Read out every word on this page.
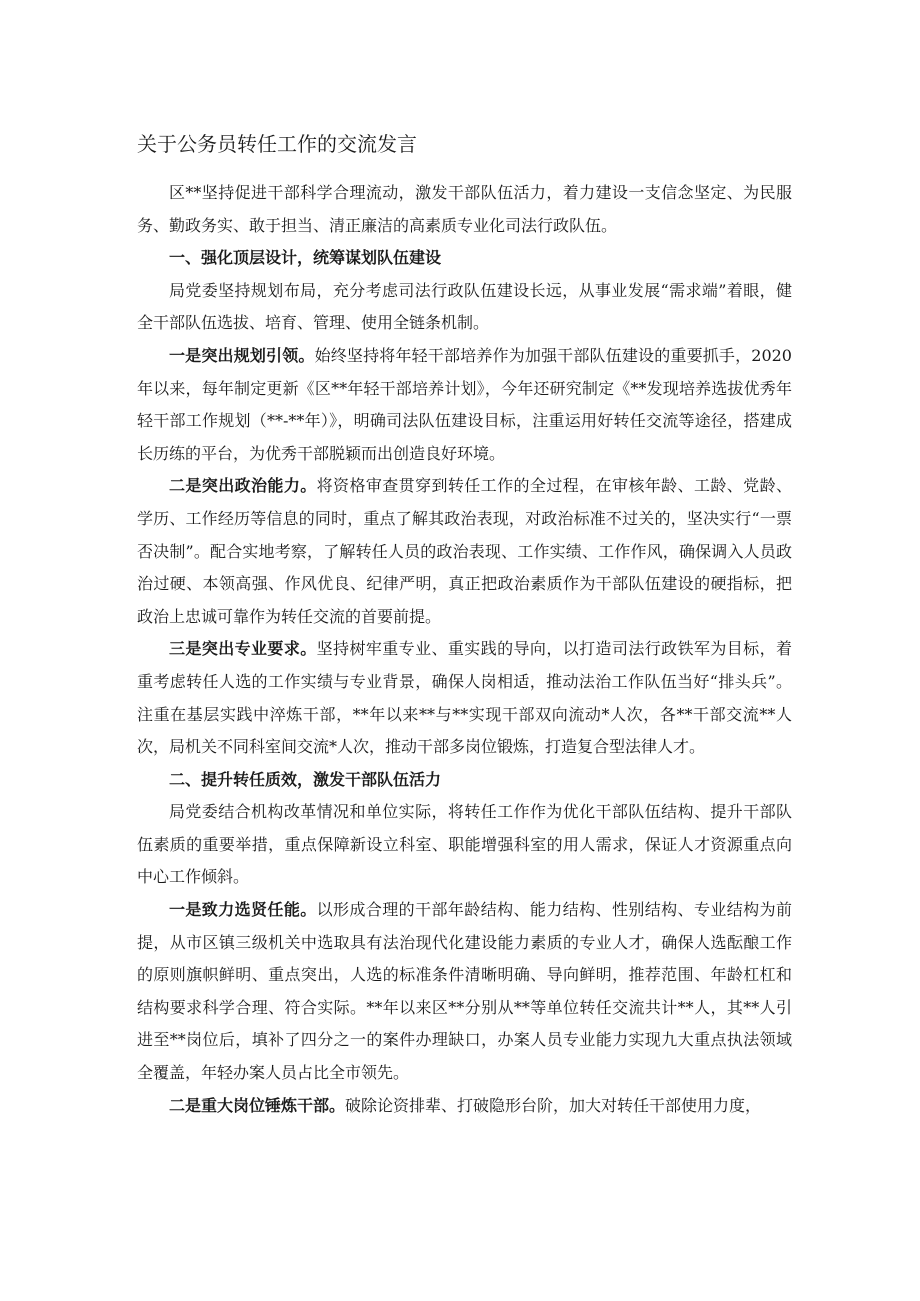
关于公务员转任工作的交流发言

区**坚持促进干部科学合理流动，激发干部队伍活力，着力建设一支信念坚定、为民服务、勤政务实、敢于担当、清正廉洁的高素质专业化司法行政队伍。

一、强化顶层设计，统筹谋划队伍建设

局党委坚持规划布局，充分考虑司法行政队伍建设长远，从事业发展“需求端”着眼，健全干部队伍选拔、培育、管理、使用全链条机制。

一是突出规划引领。始终坚持将年轻干部培养作为加强干部队伍建设的重要抓手，2020年以来，每年制定更新《区**年轻干部培养计划》，今年还研究制定《**发现培养选拔优秀年轻干部工作规划（**-**年）》，明确司法队伍建设目标，注重运用好转任交流等途径，搭建成长历练的平台，为优秀干部脱颖而出创造良好环境。

二是突出政治能力。将资格审查贯穿到转任工作的全过程，在审核年龄、工龄、党龄、学历、工作经历等信息的同时，重点了解其政治表现，对政治标准不过关的，坚决实行“一票否决制”。配合实地考察，了解转任人员的政治表现、工作实绩、工作作风，确保调入人员政治过硬、本领高强、作风优良、纪律严明，真正把政治素质作为干部队伍建设的硬指标，把政治上忠诚可靠作为转任交流的首要前提。

三是突出专业要求。坚持树牢重专业、重实践的导向，以打造司法行政铁军为目标，着重考虑转任人选的工作实绩与专业背景，确保人岗相适，推动法治工作队伍当好“排头兵”。注重在基层实践中淬炼干部，**年以来**与**实现干部双向流动*人次，各**干部交流**人次，局机关不同科室间交流*人次，推动干部多岗位锻炼，打造复合型法律人才。

二、提升转任质效，激发干部队伍活力

局党委结合机构改革情况和单位实际，将转任工作作为优化干部队伍结构、提升干部队伍素质的重要举措，重点保障新设立科室、职能增强科室的用人需求，保证人才资源重点向中心工作倾斜。

一是致力选贤任能。以形成合理的干部年龄结构、能力结构、性别结构、专业结构为前提，从市区镇三级机关中选取具有法治现代化建设能力素质的专业人才，确保人选酝酿工作的原则旗帜鲜明、重点突出，人选的标准条件清晰明确、导向鲜明，推荐范围、年龄杠杠和结构要求科学合理、符合实际。**年以来区**分别从**等单位转任交流共计**人，其**人引进至**岗位后，填补了四分之一的案件办理缺口，办案人员专业能力实现九大重点执法领域全覆盖，年轻办案人员占比全市领先。

二是重大岗位锤炼干部。破除论资排辈、打破隐形台阶，加大对转任干部使用力度，
